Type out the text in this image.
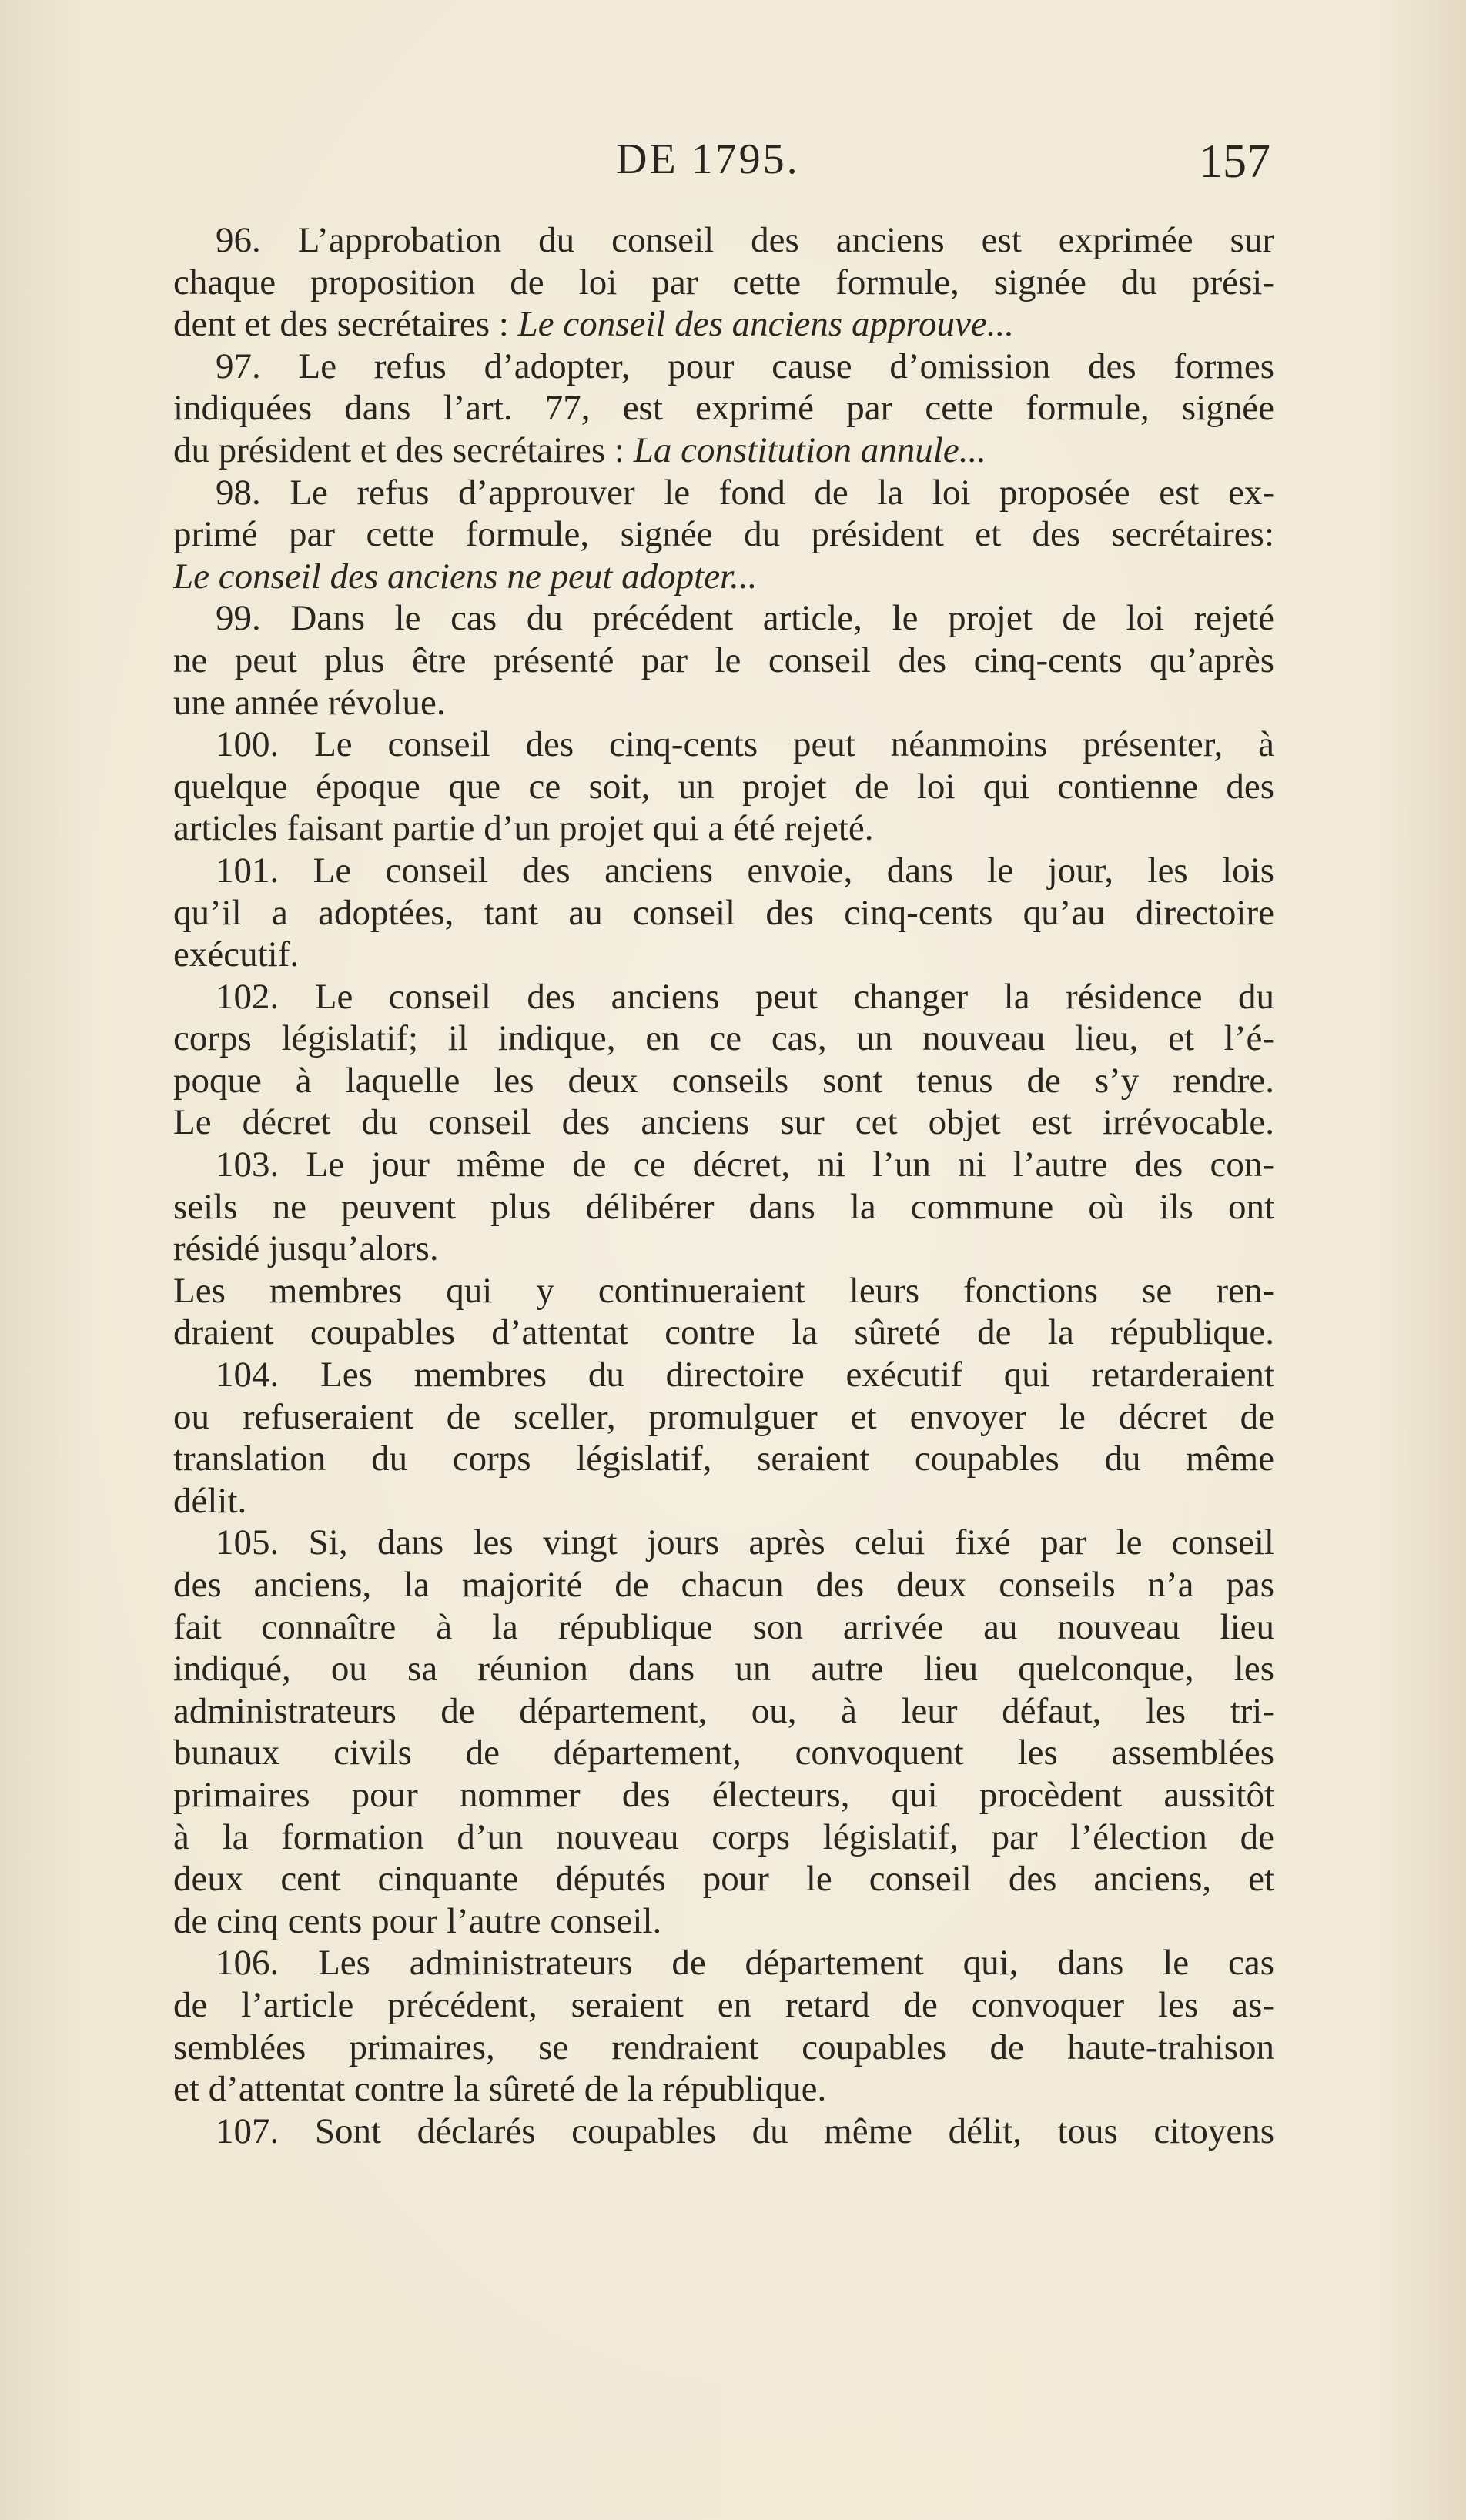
DE 1795.	157
96. L’approbation du conseil des anciens est exprimée sur
chaque proposition de loi par cette formule, signée du prési-
dent et des secrétaires : Le conseil des anciens approuve...
97. Le refus d’adopter, pour cause d’omission des formes
indiquées dans l’art. 77, est exprimé par cette formule, signée
du président et des secrétaires : La constitution annule...
98. Le refus d’approuver le fond de la loi proposée est ex-
primé par cette formule, signée du président et des secrétaires:
Le conseil des anciens ne peut adopter...
99. Dans le cas du précédent article, le projet de loi rejeté
ne peut plus être présenté par le conseil des cinq-cents qu’après
une année révolue.
100. Le conseil des cinq-cents peut néanmoins présenter, à
quelque époque que ce soit, un projet de loi qui contienne des
articles faisant partie d’un projet qui a été rejeté.
101. Le conseil des anciens envoie, dans le jour, les lois
qu’il a adoptées, tant au conseil des cinq-cents qu’au directoire
exécutif.
102. Le conseil des anciens peut changer la résidence du
corps législatif; il indique, en ce cas, un nouveau lieu, et l’é-
poque à laquelle les deux conseils sont tenus de s’y rendre.
Le décret du conseil des anciens sur cet objet est irrévocable.
103. Le jour même de ce décret, ni l’un ni l’autre des con-
seils ne peuvent plus délibérer dans la commune où ils ont
résidé jusqu’alors.
Les membres qui y continueraient leurs fonctions se ren-
draient coupables d’attentat contre la sûreté de la république.
104. Les membres du directoire exécutif qui retarderaient
ou refuseraient de sceller, promulguer et envoyer le décret de
translation du corps législatif, seraient coupables du même
délit.
105. Si, dans les vingt jours après celui fixé par le conseil
des anciens, la majorité de chacun des deux conseils n’a pas
fait connaître à la république son arrivée au nouveau lieu
indiqué, ou sa réunion dans un autre lieu quelconque, les
administrateurs de département, ou, à leur défaut, les tri-
bunaux civils de département, convoquent les assemblées
primaires pour nommer des électeurs, qui procèdent aussitôt
à la formation d’un nouveau corps législatif, par l’élection de
deux cent cinquante députés pour le conseil des anciens, et
de cinq cents pour l’autre conseil.
106. Les administrateurs de département qui, dans le cas
de l’article précédent, seraient en retard de convoquer les as-
semblées primaires, se rendraient coupables de haute-trahison
et d’attentat contre la sûreté de la république.
107. Sont déclarés coupables du même délit, tous citoyens
